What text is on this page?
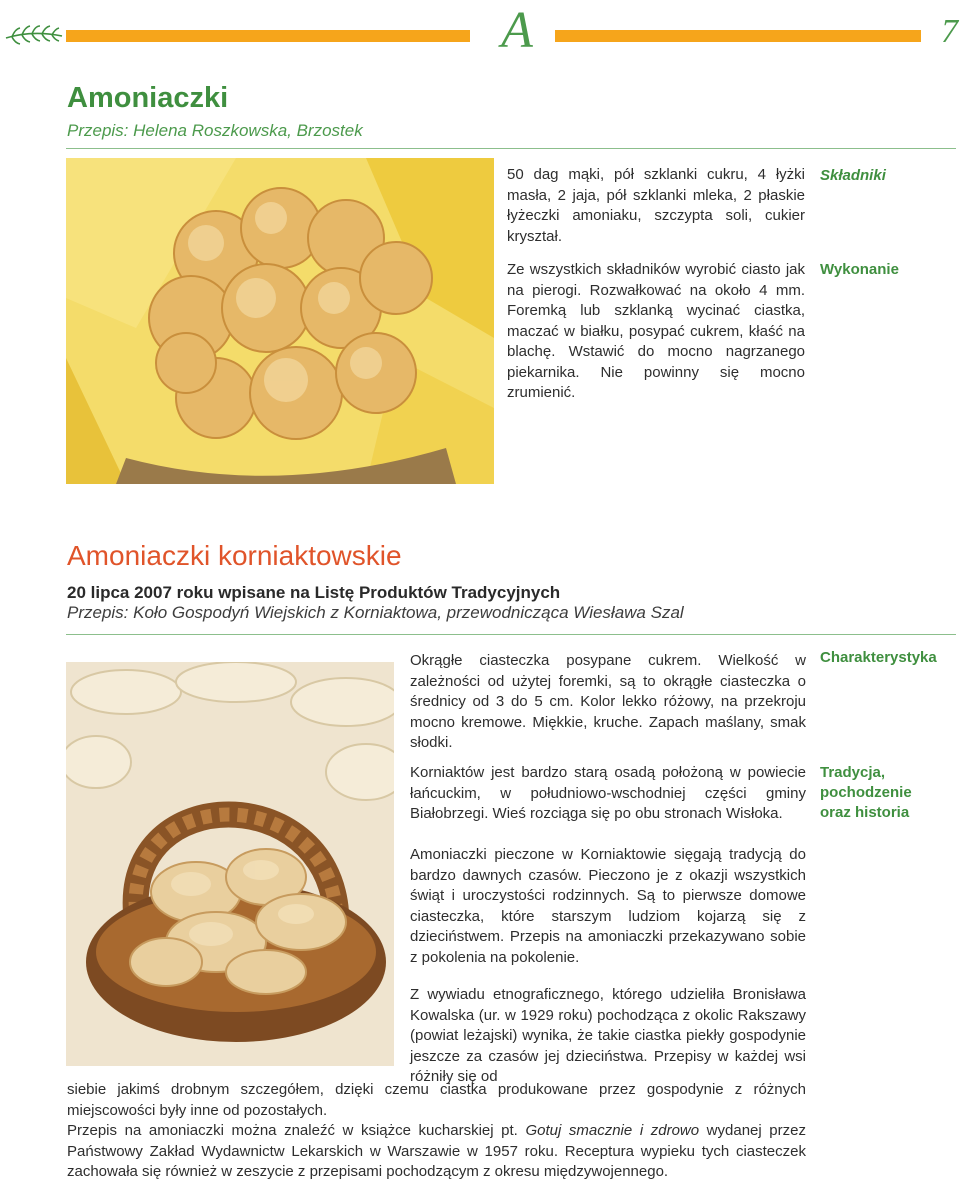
A	7
Amoniaczki
Przepis: Helena Roszkowska, Brzostek
50 dag mąki, pół szklanki cukru, 4 łyżki masła, 2 jaja, pół szklanki mleka, 2 płaskie łyżeczki amoniaku, szczypta soli, cukier kryształ.
Składniki
Ze wszystkich składników wyrobić ciasto jak na pierogi. Rozwałkować na około 4 mm. Foremką lub szklanką wycinać ciastka, maczać w białku, posypać cukrem, kłaść na blachę. Wstawić do mocno nagrzanego piekarnika. Nie powinny się mocno zrumienić.
Wykonanie
Amoniaczki korniaktowskie
20 lipca 2007 roku wpisane na Listę Produktów Tradycyjnych
Przepis: Koło Gospodyń Wiejskich z Korniaktowa, przewodnicząca Wiesława Szal
Okrągłe ciasteczka posypane cukrem. Wielkość w zależności od użytej foremki, są to okrągłe ciasteczka o średnicy od 3 do 5 cm. Kolor lekko różowy, na przekroju mocno kremowe. Miękkie, kruche. Zapach maślany, smak słodki.
Charakterystyka
Korniaktów jest bardzo starą osadą położoną w powiecie łańcuckim, w południowo-wschodniej części gminy Białobrzegi. Wieś rozciąga się po obu stronach Wisłoka.
Amoniaczki pieczone w Korniaktowie sięgają tradycją do bardzo dawnych czasów. Pieczono je z okazji wszystkich świąt i uroczystości rodzinnych. Są to pierwsze domowe ciasteczka, które starszym ludziom kojarzą się z dzieciństwem. Przepis na amoniaczki przekazywano sobie z pokolenia na pokolenie.
Z wywiadu etnograficznego, którego udzieliła Bronisława Kowalska (ur. w 1929 roku) pochodząca z okolic Rakszawy (powiat leżajski) wynika, że takie ciastka piekły gospodynie jeszcze za czasów jej dzieciństwa. Przepisy w każdej wsi różniły się od
siebie jakimś drobnym szczegółem, dzięki czemu ciastka produkowane przez gospodynie z różnych miejscowości były inne od pozostałych.
Przepis na amoniaczki można znaleźć w książce kucharskiej pt. Gotuj smacznie i zdrowo wydanej przez Państwowy Zakład Wydawnictw Lekarskich w Warszawie w 1957 roku. Receptura wypieku tych ciasteczek zachowała się również w zeszycie z przepisami pochodzącym z okresu międzywojennego.
Tradycja, pochodzenie oraz historia
